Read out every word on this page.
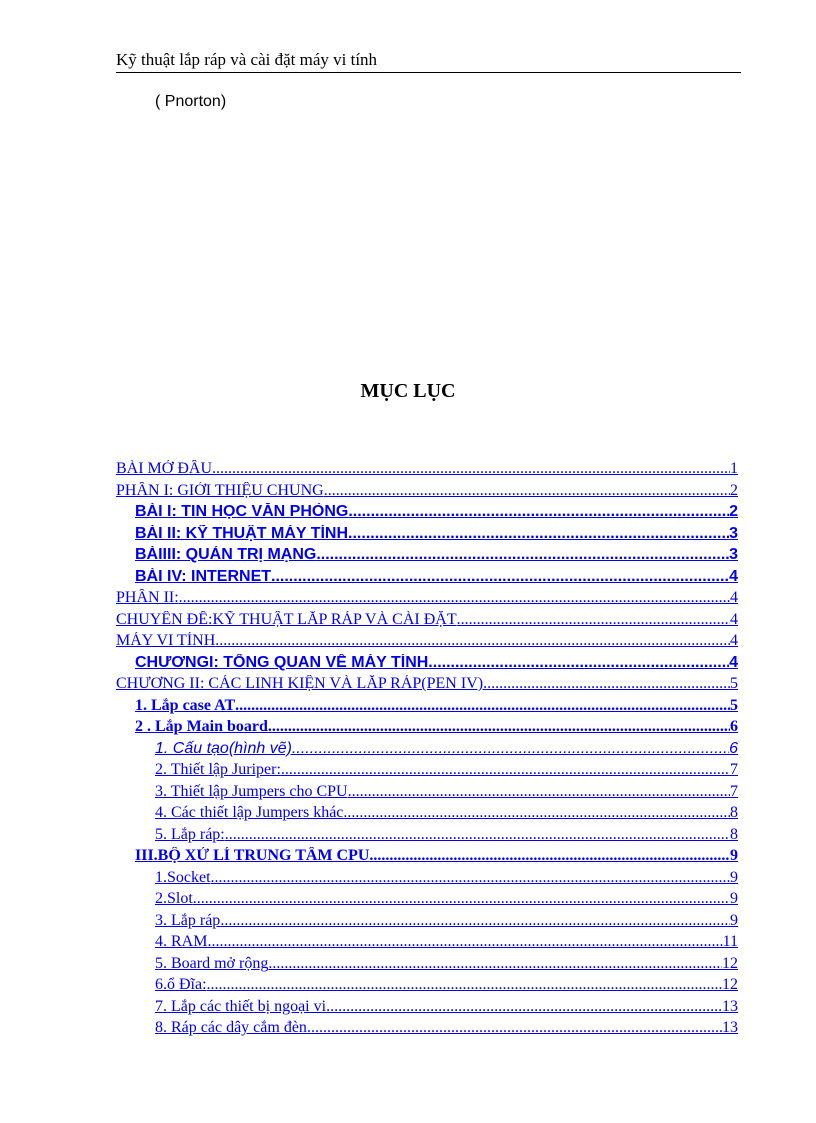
Kỹ thuật lắp ráp và cài đặt máy vi tính
( Pnorton)
MỤC LỤC
BÀI MỞ ĐẦU .....	1
PHẦN I: GIỚI THIỆU CHUNG .....	2
BÀI I: TIN HỌC VĂN PHÒNG .....	2
BÀI II: KỸ THUẬT MÁY TÍNH .....	3
BÀIIII: QUẢN TRỊ MẠNG .....	3
BÀI IV: INTERNET .....	4
PHẦN II: .....	4
CHUYÊN ĐỀ:KỸ THUẬT LẮP RÁP VÀ CÀI ĐẶT .....	4
MÁY VI TÍNH .....	4
CHƯƠNGI: TỔNG QUAN VỀ MÁY TÍNH .....	4
CHƯƠNG II: CÁC LINH KIỆN VÀ LẮP RÁP(PEN IV) .....	5
1. Lắp case AT .....	5
2 . Lắp Main board .....	6
1. Cấu tạo(hình vẽ) .....	6
2. Thiết lập Juriper: .....	7
3. Thiết lập Jumpers cho CPU .....	7
4. Các thiết lập Jumpers khác .....	8
5. Lắp ráp: .....	8
III.BỘ XỬ LÍ TRUNG TÂM CPU .....	9
1.Socket .....	9
2.Slot .....	9
3. Lắp ráp .....	9
4. RAM .....	11
5. Board mở rộng .....	12
6.ổ Đĩa: .....	12
7. Lắp các thiết bị ngoại vi .....	13
8. Ráp các dây cắm đèn .....	13
